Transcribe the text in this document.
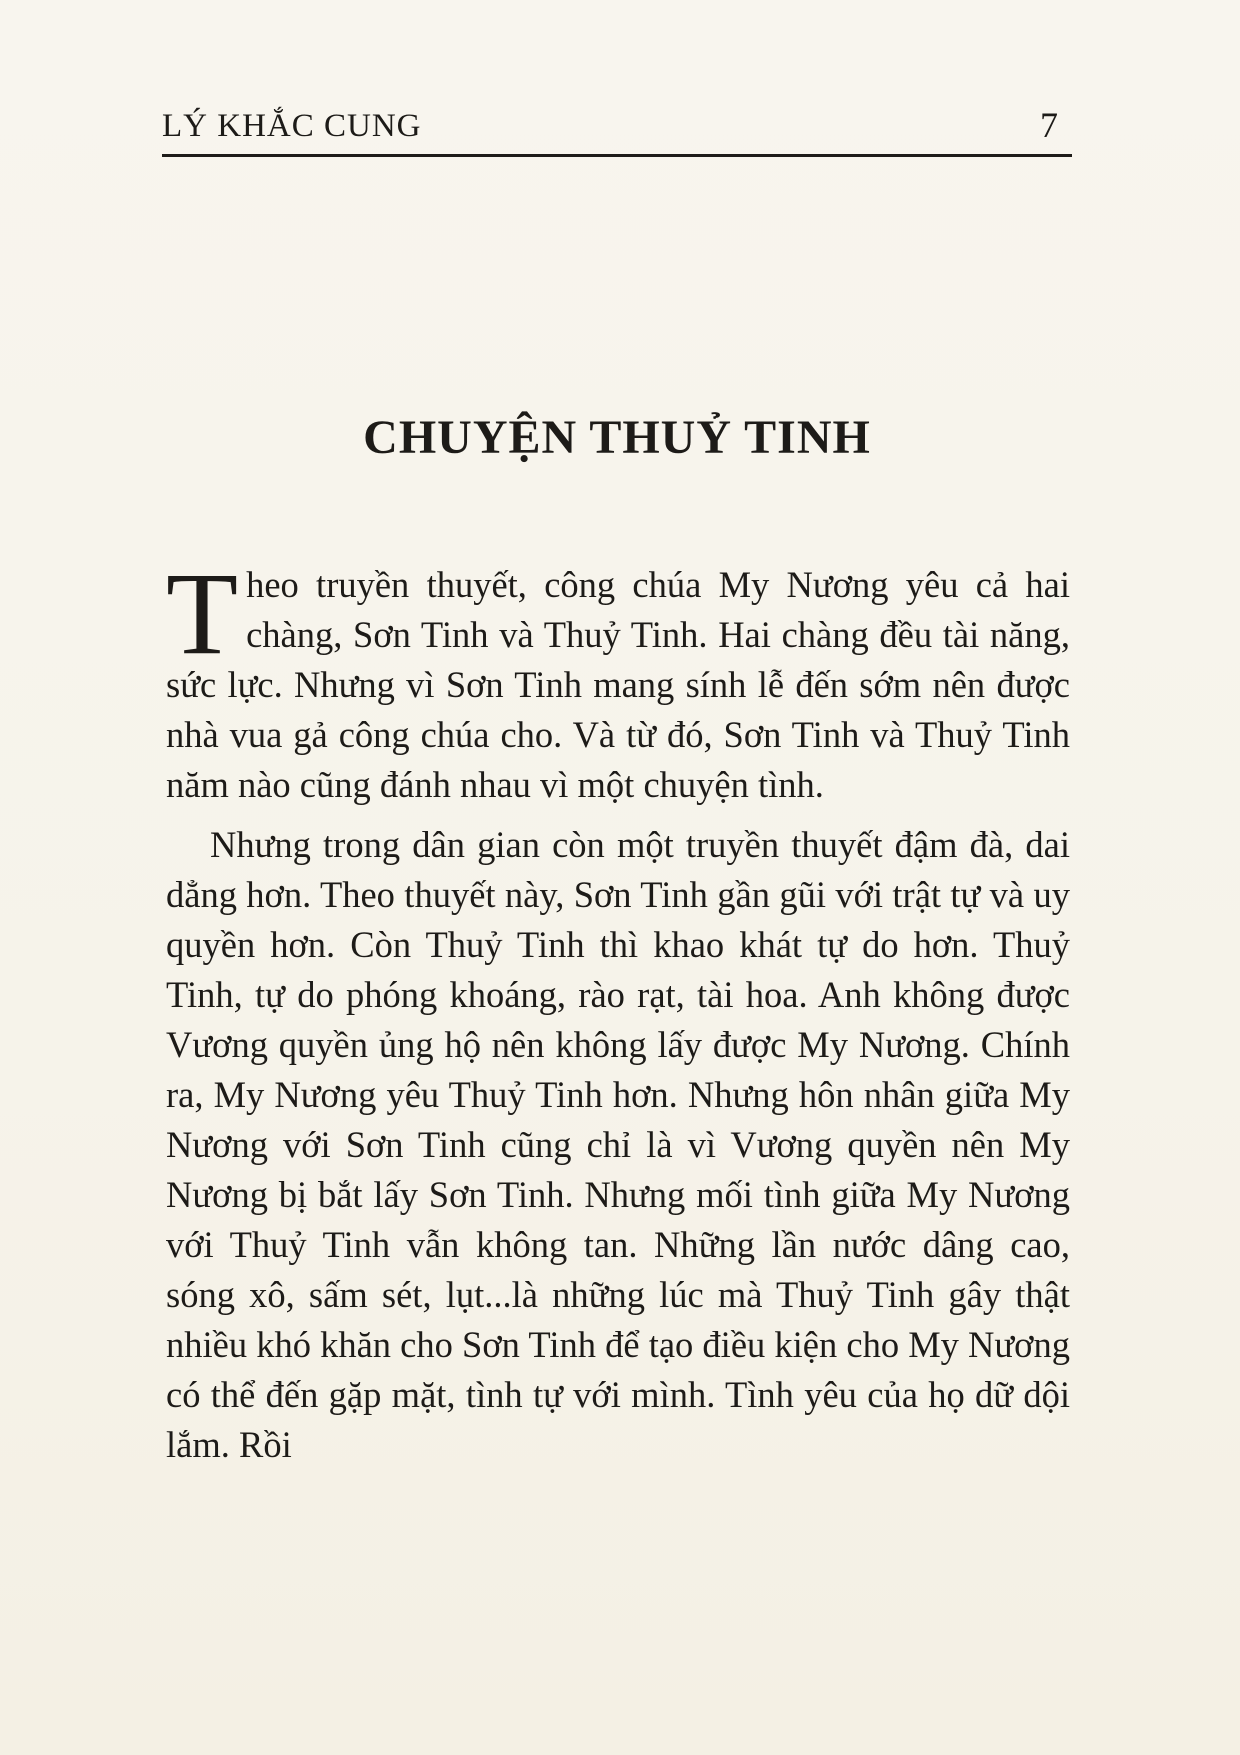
LÝ KHẮC CUNG	7
CHUYỆN THUỶ TINH

Theo truyền thuyết, công chúa My Nương yêu cả hai chàng, Sơn Tinh và Thuỷ Tinh. Hai chàng đều tài năng, sức lực. Nhưng vì Sơn Tinh mang sính lễ đến sớm nên được nhà vua gả công chúa cho. Và từ đó, Sơn Tinh và Thuỷ Tinh năm nào cũng đánh nhau vì một chuyện tình.

Nhưng trong dân gian còn một truyền thuyết đậm đà, dai dẳng hơn. Theo thuyết này, Sơn Tinh gần gũi với trật tự và uy quyền hơn. Còn Thuỷ Tinh thì khao khát tự do hơn. Thuỷ Tinh, tự do phóng khoáng, rào rạt, tài hoa. Anh không được Vương quyền ủng hộ nên không lấy được My Nương. Chính ra, My Nương yêu Thuỷ Tinh hơn. Nhưng hôn nhân giữa My Nương với Sơn Tinh cũng chỉ là vì Vương quyền nên My Nương bị bắt lấy Sơn Tinh. Nhưng mối tình giữa My Nương với Thuỷ Tinh vẫn không tan. Những lần nước dâng cao, sóng xô, sấm sét, lụt...là những lúc mà Thuỷ Tinh gây thật nhiều khó khăn cho Sơn Tinh để tạo điều kiện cho My Nương có thể đến gặp mặt, tình tự với mình. Tình yêu của họ dữ dội lắm. Rồi
